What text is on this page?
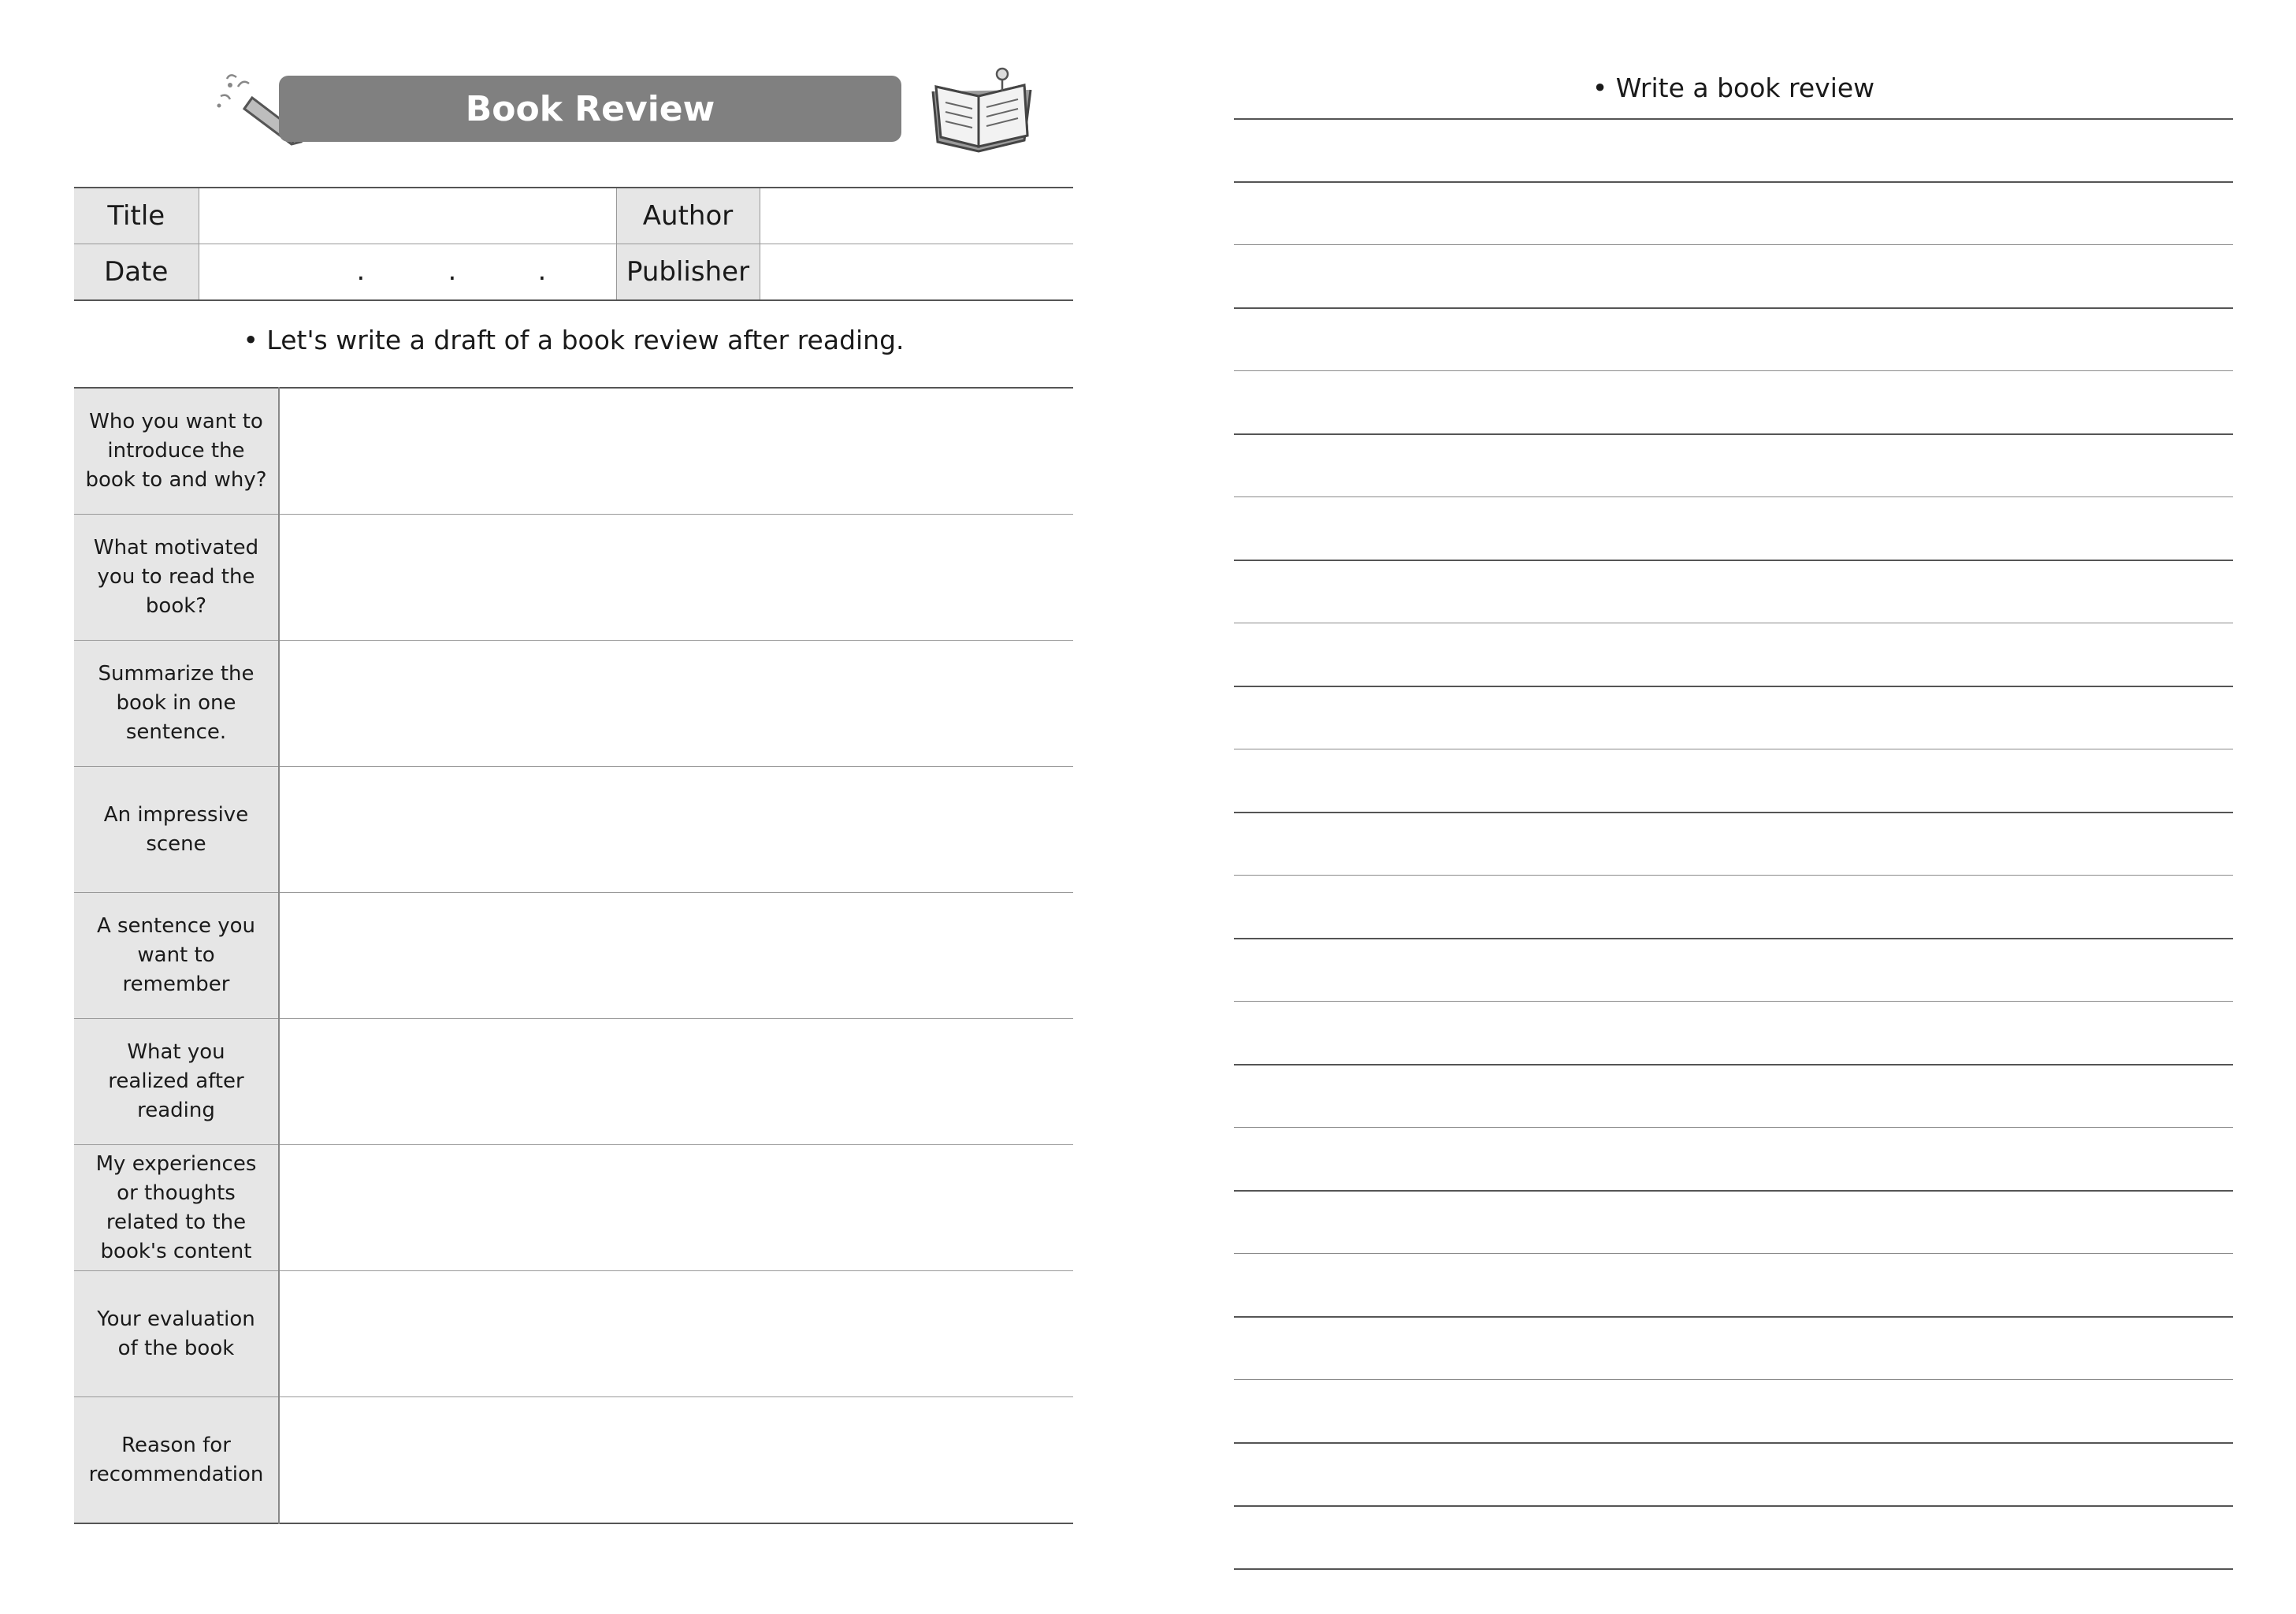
Book Review
Title		Author	
Date	. . .	Publisher	
• Let's write a draft of a book review after reading.
Who you want to introduce the book to and why?	
What motivated you to read the book?	
Summarize the book in one sentence.	
An impressive scene	
A sentence you want to remember	
What you realized after reading	
My experiences or thoughts related to the book's content	
Your evaluation of the book	
Reason for recommendation	
• Write a book review
